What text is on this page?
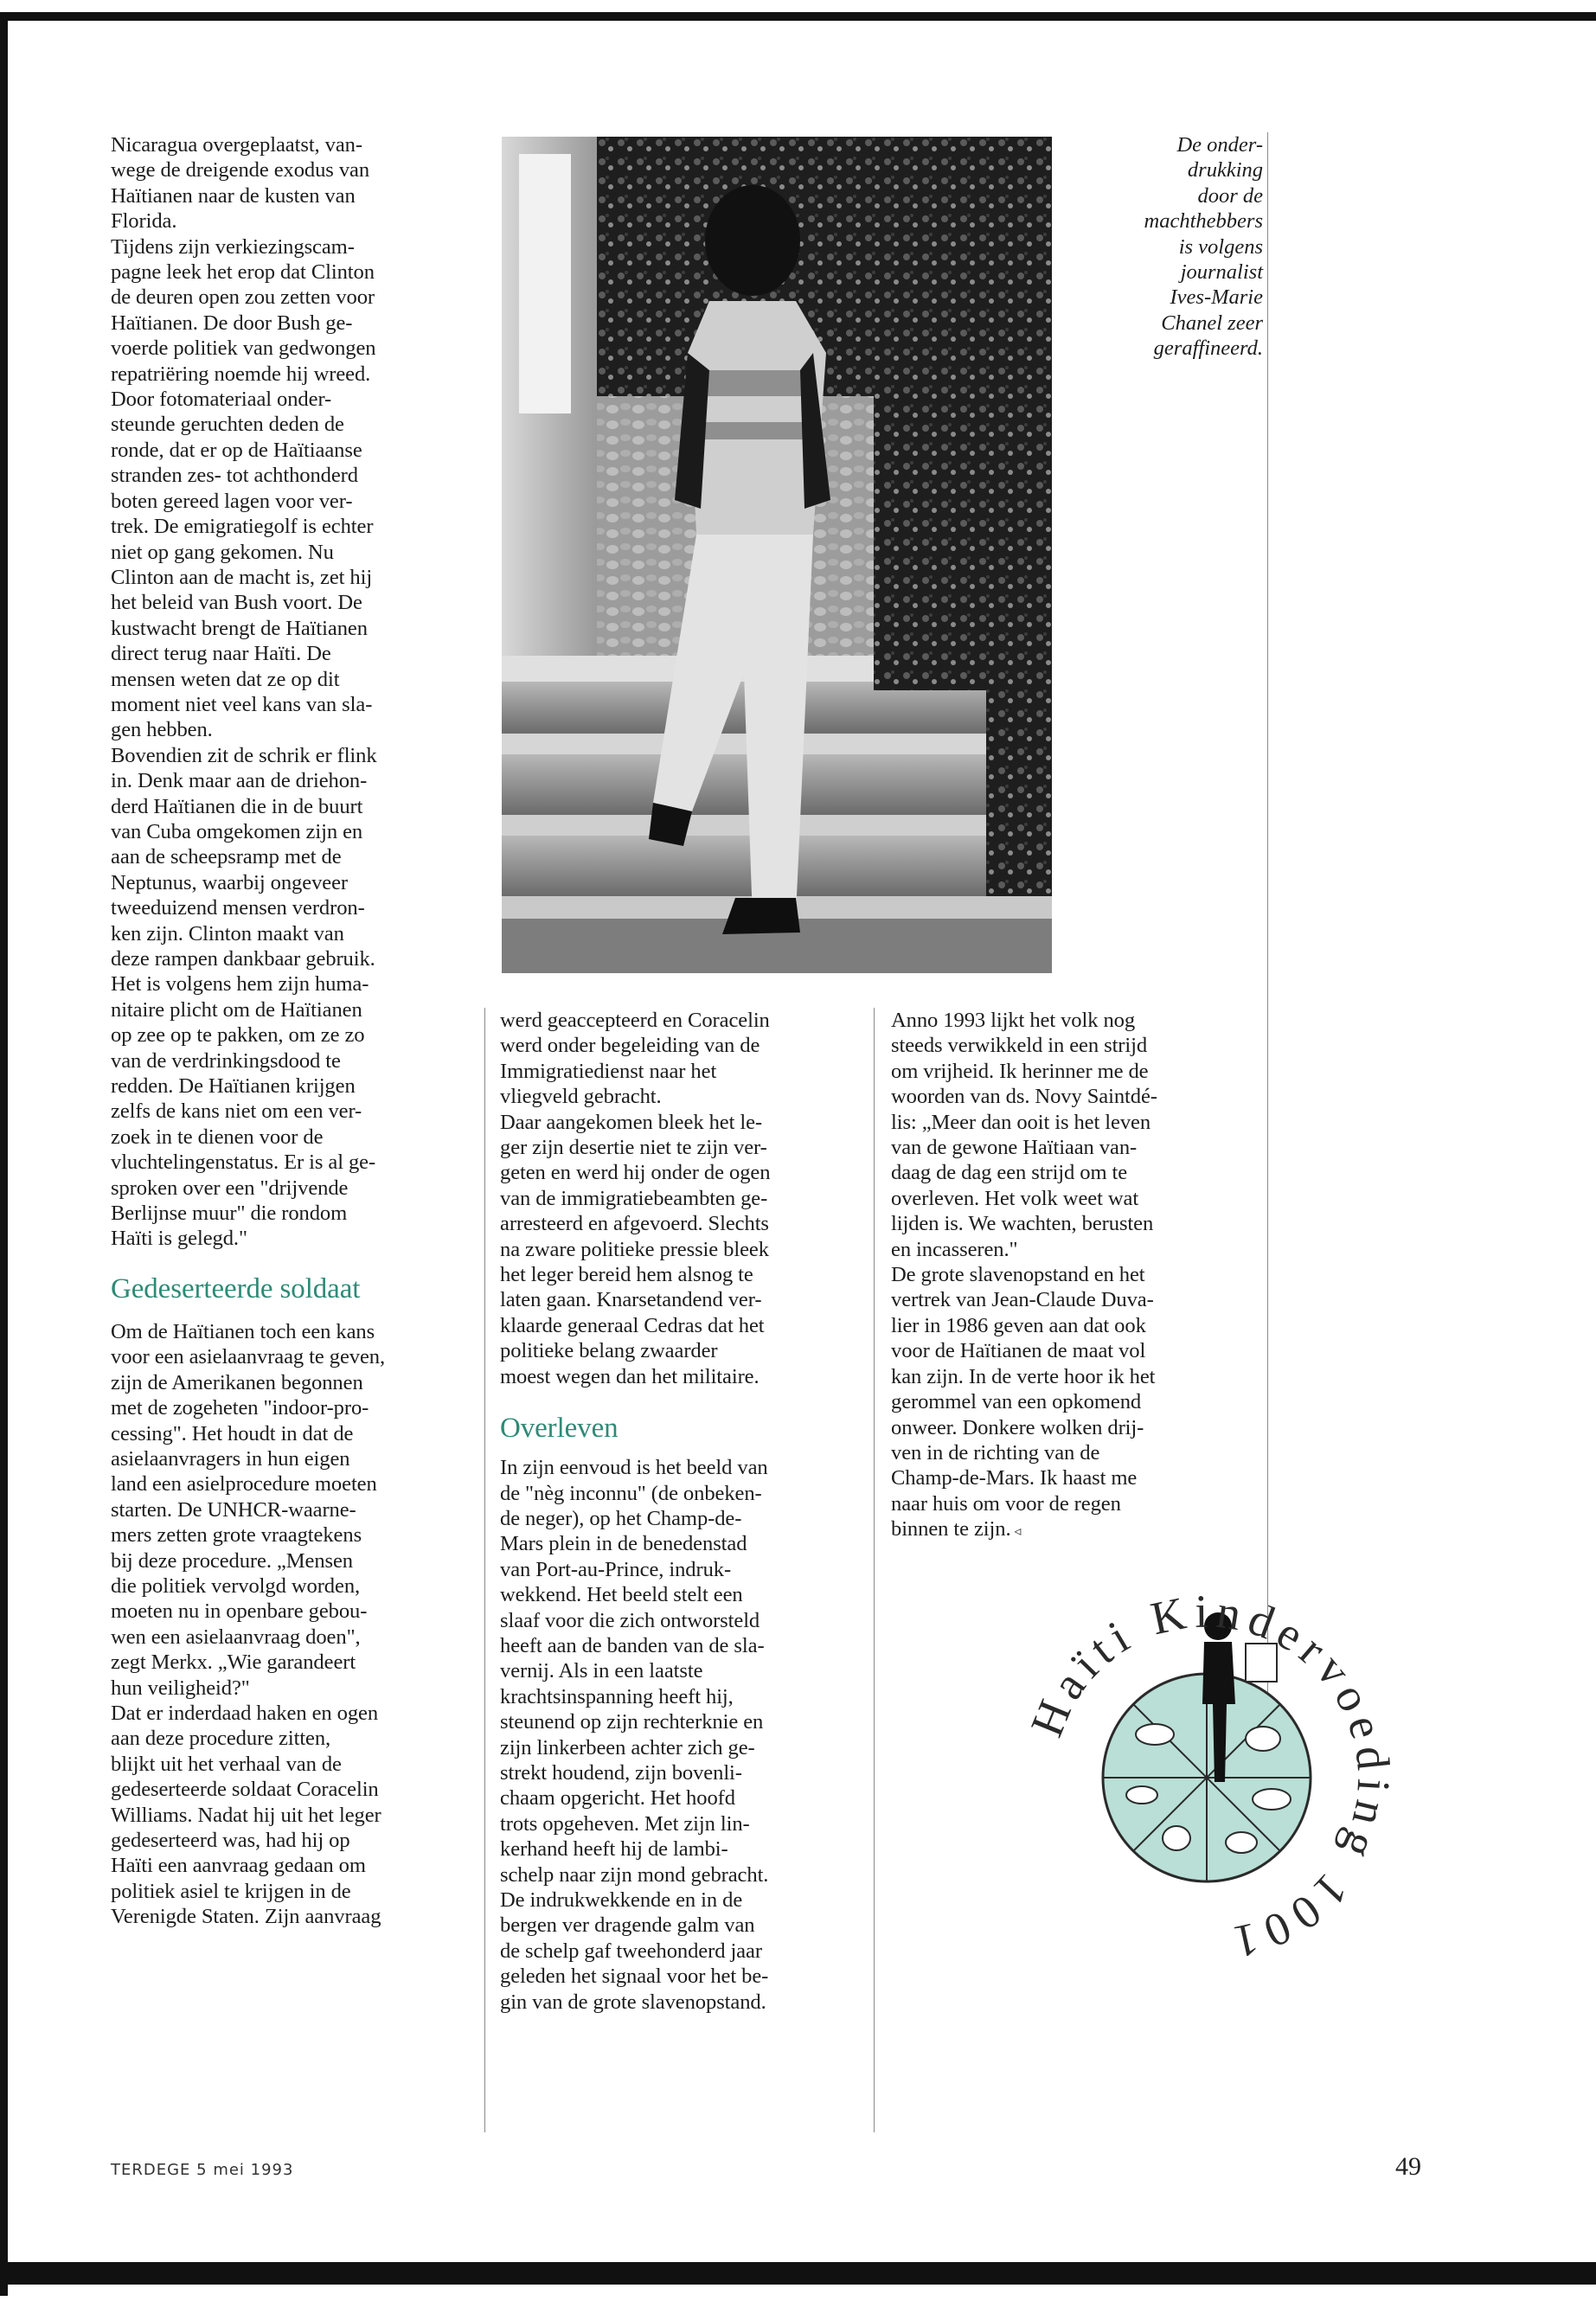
Nicaragua overgeplaatst, van-

wege de dreigende exodus van

Haïtianen naar de kusten van

Florida.

Tijdens zijn verkiezingscam-

pagne leek het erop dat Clinton

de deuren open zou zetten voor

Haïtianen. De door Bush ge-

voerde politiek van gedwongen

repatriëring noemde hij wreed.

Door fotomateriaal onder-

steunde geruchten deden de

ronde, dat er op de Haïtiaanse

stranden zes- tot achthonderd

boten gereed lagen voor ver-

trek. De emigratiegolf is echter

niet op gang gekomen. Nu

Clinton aan de macht is, zet hij

het beleid van Bush voort. De

kustwacht brengt de Haïtianen

direct terug naar Haïti. De

mensen weten dat ze op dit

moment niet veel kans van sla-

gen hebben.

Bovendien zit de schrik er flink

in. Denk maar aan de driehon-

derd Haïtianen die in de buurt

van Cuba omgekomen zijn en

aan de scheepsramp met de

Neptunus, waarbij ongeveer

tweeduizend mensen verdron-

ken zijn. Clinton maakt van

deze rampen dankbaar gebruik.

Het is volgens hem zijn huma-

nitaire plicht om de Haïtianen

op zee op te pakken, om ze zo

van de verdrinkingsdood te

redden. De Haïtianen krijgen

zelfs de kans niet om een ver-

zoek in te dienen voor de

vluchtelingenstatus. Er is al ge-

sproken over een "drijvende

Berlijnse muur" die rondom

Haïti is gelegd."

Gedeserteerde soldaat

Om de Haïtianen toch een kans

voor een asielaanvraag te geven,

zijn de Amerikanen begonnen

met de zogeheten "indoor-pro-

cessing". Het houdt in dat de

asielaanvragers in hun eigen

land een asielprocedure moeten

starten. De UNHCR-waarne-

mers zetten grote vraagtekens

bij deze procedure. „Mensen

die politiek vervolgd worden,

moeten nu in openbare gebou-

wen een asielaanvraag doen",

zegt Merkx. „Wie garandeert

hun veiligheid?"

Dat er inderdaad haken en ogen

aan deze procedure zitten,

blijkt uit het verhaal van de

gedeserteerde soldaat Coracelin

Williams. Nadat hij uit het leger

gedeserteerd was, had hij op

Haïti een aanvraag gedaan om

politiek asiel te krijgen in de

Verenigde Staten. Zijn aanvraag

De onder-

drukking

door de

machthebbers

is volgens

journalist

Ives-Marie

Chanel zeer

geraffineerd.

werd geaccepteerd en Coracelin

werd onder begeleiding van de

Immigratiedienst naar het

vliegveld gebracht.

Daar aangekomen bleek het le-

ger zijn desertie niet te zijn ver-

geten en werd hij onder de ogen

van de immigratiebeambten ge-

arresteerd en afgevoerd. Slechts

na zware politieke pressie bleek

het leger bereid hem alsnog te

laten gaan. Knarsetandend ver-

klaarde generaal Cedras dat het

politieke belang zwaarder

moest wegen dan het militaire.

Overleven

In zijn eenvoud is het beeld van

de "nèg inconnu" (de onbeken-

de neger), op het Champ-de-

Mars plein in de benedenstad

van Port-au-Prince, indruk-

wekkend. Het beeld stelt een

slaaf voor die zich ontworsteld

heeft aan de banden van de sla-

vernij. Als in een laatste

krachtsinspanning heeft hij,

steunend op zijn rechterknie en

zijn linkerbeen achter zich ge-

strekt houdend, zijn bovenli-

chaam opgericht. Het hoofd

trots opgeheven. Met zijn lin-

kerhand heeft hij de lambi-

schelp naar zijn mond gebracht.

De indrukwekkende en in de

bergen ver dragende galm van

de schelp gaf tweehonderd jaar

geleden het signaal voor het be-

gin van de grote slavenopstand.

Anno 1993 lijkt het volk nog

steeds verwikkeld in een strijd

om vrijheid. Ik herinner me de

woorden van ds. Novy Saintdé-

lis: „Meer dan ooit is het leven

van de gewone Haïtiaan van-

daag de dag een strijd om te

overleven. Het volk weet wat

lijden is. We wachten, berusten

en incasseren."

De grote slavenopstand en het

vertrek van Jean-Claude Duva-

lier in 1986 geven aan dat ook

voor de Haïtianen de maat vol

kan zijn. In de verte hoor ik het

gerommel van een opkomend

onweer. Donkere wolken drij-

ven in de richting van de

Champ-de-Mars. Ik haast me

naar huis om voor de regen

binnen te zijn. ◃

Haïti Kindervoeding 1001
TERDEGE 5 mei 1993	49
